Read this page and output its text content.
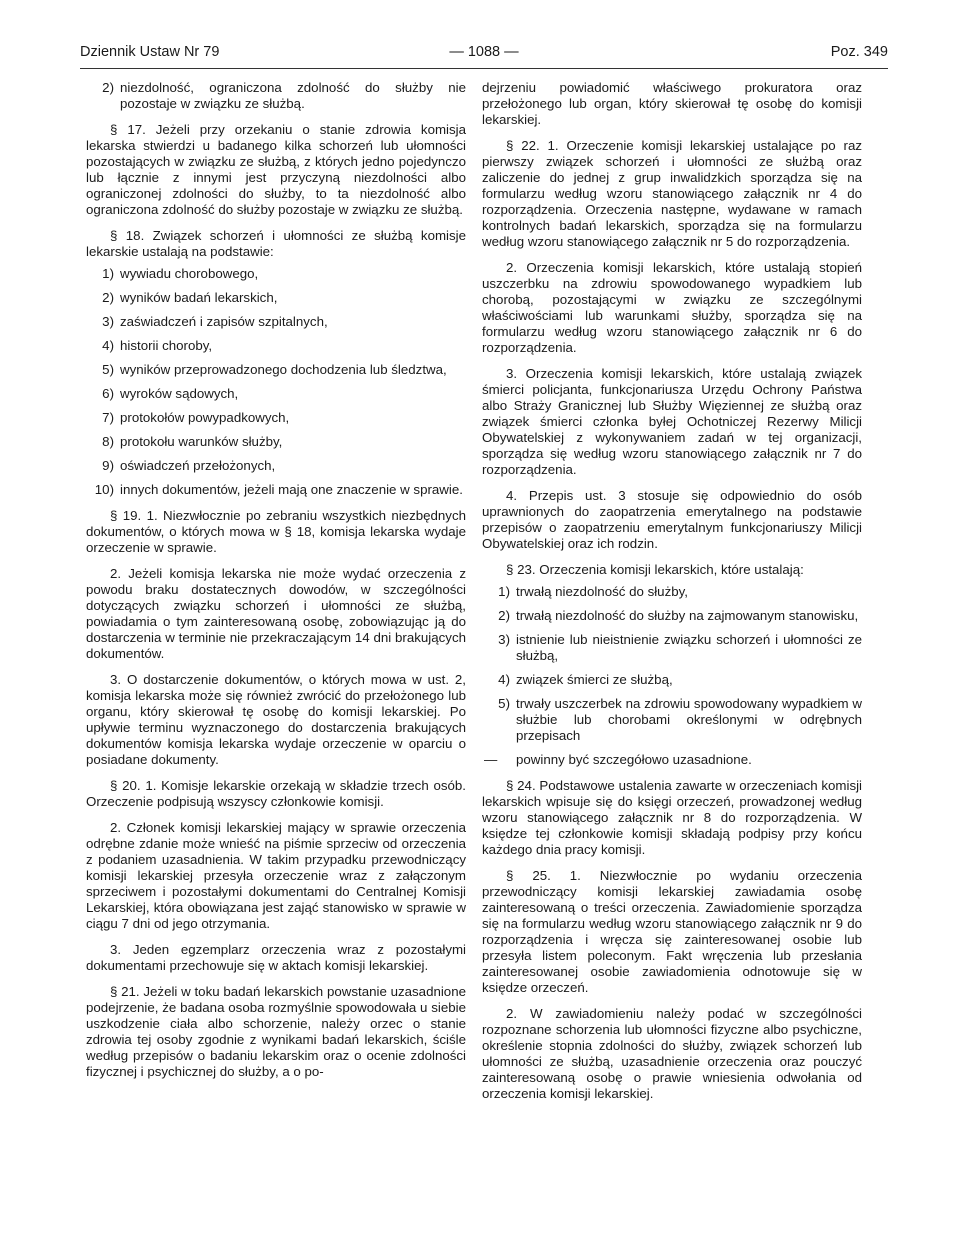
Dziennik Ustaw Nr 79	— 1088 —	Poz. 349
2) niezdolność, ograniczona zdolność do służby nie pozostaje w związku ze służbą.

§ 17. Jeżeli przy orzekaniu o stanie zdrowia komisja lekarska stwierdzi u badanego kilka schorzeń lub ułomności pozostających w związku ze służbą, z których jedno pojedynczo lub łącznie z innymi jest przyczyną niezdolności albo ograniczonej zdolności do służby, to ta niezdolność albo ograniczona zdolność do służby pozostaje w związku ze służbą.

§ 18. Związek schorzeń i ułomności ze służbą komisje lekarskie ustalają na podstawie:

1) wywiadu chorobowego,
2) wyników badań lekarskich,
3) zaświadczeń i zapisów szpitalnych,
4) historii choroby,
5) wyników przeprowadzonego dochodzenia lub śledztwa,
6) wyroków sądowych,
7) protokołów powypadkowych,
8) protokołu warunków służby,
9) oświadczeń przełożonych,
10) innych dokumentów, jeżeli mają one znaczenie w sprawie.

§ 19. 1. Niezwłocznie po zebraniu wszystkich niezbędnych dokumentów, o których mowa w § 18, komisja lekarska wydaje orzeczenie w sprawie.

2. Jeżeli komisja lekarska nie może wydać orzeczenia z powodu braku dostatecznych dowodów, w szczególności dotyczących związku schorzeń i ułomności ze służbą, powiadamia o tym zainteresowaną osobę, zobowiązując ją do dostarczenia w terminie nie przekraczającym 14 dni brakujących dokumentów.

3. O dostarczenie dokumentów, o których mowa w ust. 2, komisja lekarska może się również zwrócić do przełożonego lub organu, który skierował tę osobę do komisji lekarskiej. Po upływie terminu wyznaczonego do dostarczenia brakujących dokumentów komisja lekarska wydaje orzeczenie w oparciu o posiadane dokumenty.

§ 20. 1. Komisje lekarskie orzekają w składzie trzech osób. Orzeczenie podpisują wszyscy członkowie komisji.

2. Członek komisji lekarskiej mający w sprawie orzeczenia odrębne zdanie może wnieść na piśmie sprzeciw od orzeczenia z podaniem uzasadnienia. W takim przypadku przewodniczący komisji lekarskiej przesyła orzeczenie wraz z załączonym sprzeciwem i pozostałymi dokumentami do Centralnej Komisji Lekarskiej, która obowiązana jest zająć stanowisko w sprawie w ciągu 7 dni od jego otrzymania.

3. Jeden egzemplarz orzeczenia wraz z pozostałymi dokumentami przechowuje się w aktach komisji lekarskiej.

§ 21. Jeżeli w toku badań lekarskich powstanie uzasadnione podejrzenie, że badana osoba rozmyślnie spowodowała u siebie uszkodzenie ciała albo schorzenie, należy orzec o stanie zdrowia tej osoby zgodnie z wynikami badań lekarskich, ściśle według przepisów o badaniu lekarskim oraz o ocenie zdolności fizycznej i psychicznej do służby, a o po-

dejrzeniu powiadomić właściwego prokuratora oraz przełożonego lub organ, który skierował tę osobę do komisji lekarskiej.

§ 22. 1. Orzeczenie komisji lekarskiej ustalające po raz pierwszy związek schorzeń i ułomności ze służbą oraz zaliczenie do jednej z grup inwalidzkich sporządza się na formularzu według wzoru stanowiącego załącznik nr 4 do rozporządzenia. Orzeczenia następne, wydawane w ramach kontrolnych badań lekarskich, sporządza się na formularzu według wzoru stanowiącego załącznik nr 5 do rozporządzenia.

2. Orzeczenia komisji lekarskich, które ustalają stopień uszczerbku na zdrowiu spowodowanego wypadkiem lub chorobą, pozostającymi w związku ze szczególnymi właściwościami lub warunkami służby, sporządza się na formularzu według wzoru stanowiącego załącznik nr 6 do rozporządzenia.

3. Orzeczenia komisji lekarskich, które ustalają związek śmierci policjanta, funkcjonariusza Urzędu Ochrony Państwa albo Straży Granicznej lub Służby Więziennej ze służbą oraz związek śmierci członka byłej Ochotniczej Rezerwy Milicji Obywatelskiej z wykonywaniem zadań w tej organizacji, sporządza się według wzoru stanowiącego załącznik nr 7 do rozporządzenia.

4. Przepis ust. 3 stosuje się odpowiednio do osób uprawnionych do zaopatrzenia emerytalnego na podstawie przepisów o zaopatrzeniu emerytalnym funkcjonariuszy Milicji Obywatelskiej oraz ich rodzin.

§ 23. Orzeczenia komisji lekarskich, które ustalają:

1) trwałą niezdolność do służby,
2) trwałą niezdolność do służby na zajmowanym stanowisku,
3) istnienie lub nieistnienie związku schorzeń i ułomności ze służbą,
4) związek śmierci ze służbą,
5) trwały uszczerbek na zdrowiu spowodowany wypadkiem w służbie lub chorobami określonymi w odrębnych przepisach
— powinny być szczegółowo uzasadnione.

§ 24. Podstawowe ustalenia zawarte w orzeczeniach komisji lekarskich wpisuje się do księgi orzeczeń, prowadzonej według wzoru stanowiącego załącznik nr 8 do rozporządzenia. W księdze tej członkowie komisji składają podpisy przy końcu każdego dnia pracy komisji.

§ 25. 1. Niezwłocznie po wydaniu orzeczenia przewodniczący komisji lekarskiej zawiadamia osobę zainteresowaną o treści orzeczenia. Zawiadomienie sporządza się na formularzu według wzoru stanowiącego załącznik nr 9 do rozporządzenia i wręcza się zainteresowanej osobie lub przesyła listem poleconym. Fakt wręczenia lub przesłania zainteresowanej osobie zawiadomienia odnotowuje się w księdze orzeczeń.

2. W zawiadomieniu należy podać w szczególności rozpoznane schorzenia lub ułomności fizyczne albo psychiczne, określenie stopnia zdolności do służby, związek schorzeń lub ułomności ze służbą, uzasadnienie orzeczenia oraz pouczyć zainteresowaną osobę o prawie wniesienia odwołania od orzeczenia komisji lekarskiej.
